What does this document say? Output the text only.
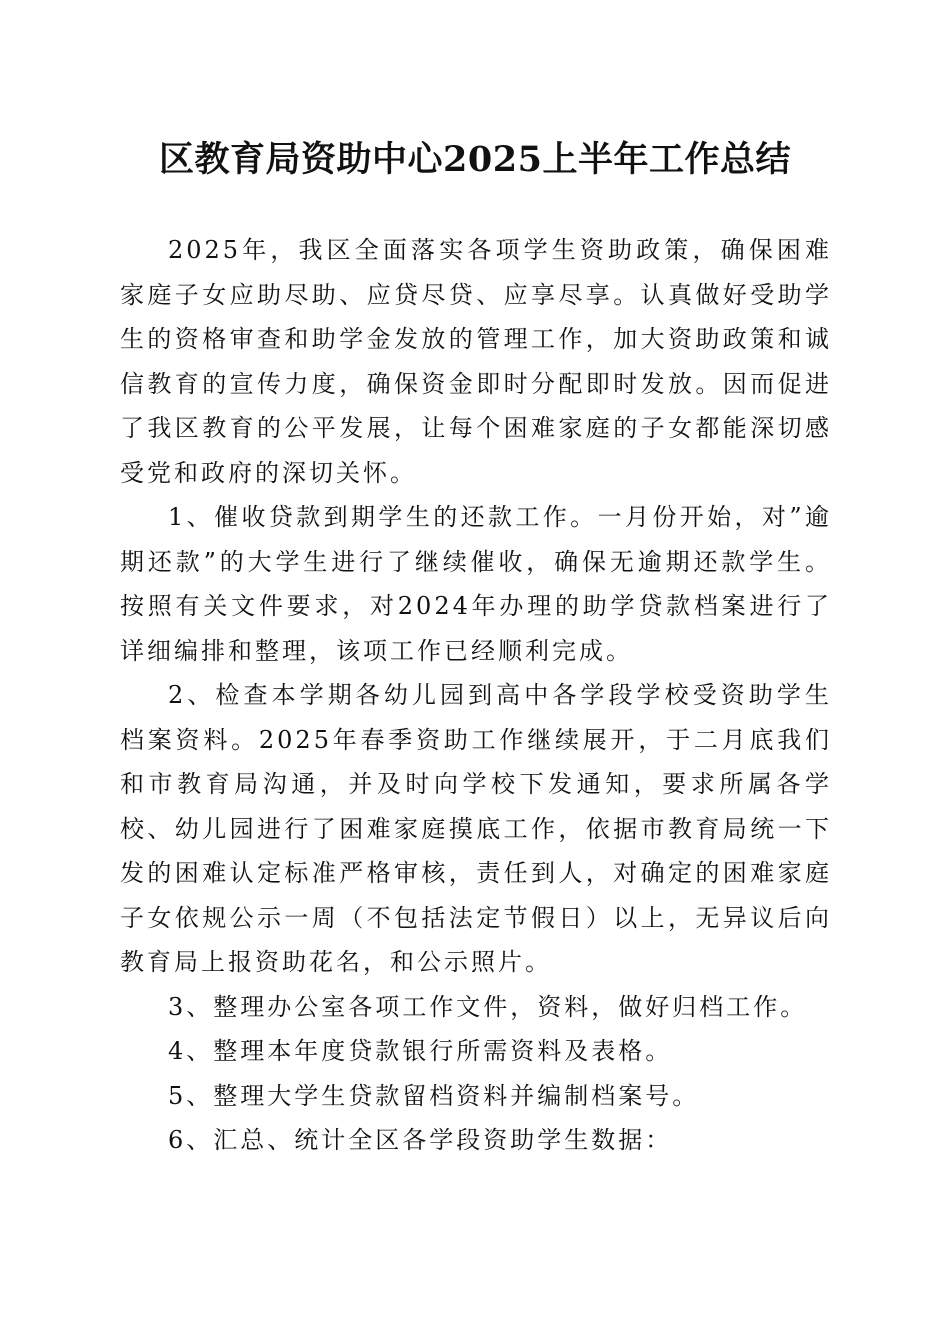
区教育局资助中心2025上半年工作总结

2025年，我区全面落实各项学生资助政策，确保困难家庭子女应助尽助、应贷尽贷、应享尽享。认真做好受助学生的资格审查和助学金发放的管理工作，加大资助政策和诚信教育的宣传力度，确保资金即时分配即时发放。因而促进了我区教育的公平发展，让每个困难家庭的子女都能深切感受党和政府的深切关怀。

1、催收贷款到期学生的还款工作。一月份开始，对”逾期还款”的大学生进行了继续催收，确保无逾期还款学生。按照有关文件要求，对2024年办理的助学贷款档案进行了详细编排和整理，该项工作已经顺利完成。

2、检查本学期各幼儿园到高中各学段学校受资助学生档案资料。2025年春季资助工作继续展开，于二月底我们和市教育局沟通，并及时向学校下发通知，要求所属各学校、幼儿园进行了困难家庭摸底工作，依据市教育局统一下发的困难认定标准严格审核，责任到人，对确定的困难家庭子女依规公示一周（不包括法定节假日）以上，无异议后向教育局上报资助花名，和公示照片。

3、整理办公室各项工作文件，资料，做好归档工作。

4、整理本年度贷款银行所需资料及表格。

5、整理大学生贷款留档资料并编制档案号。

6、汇总、统计全区各学段资助学生数据：
